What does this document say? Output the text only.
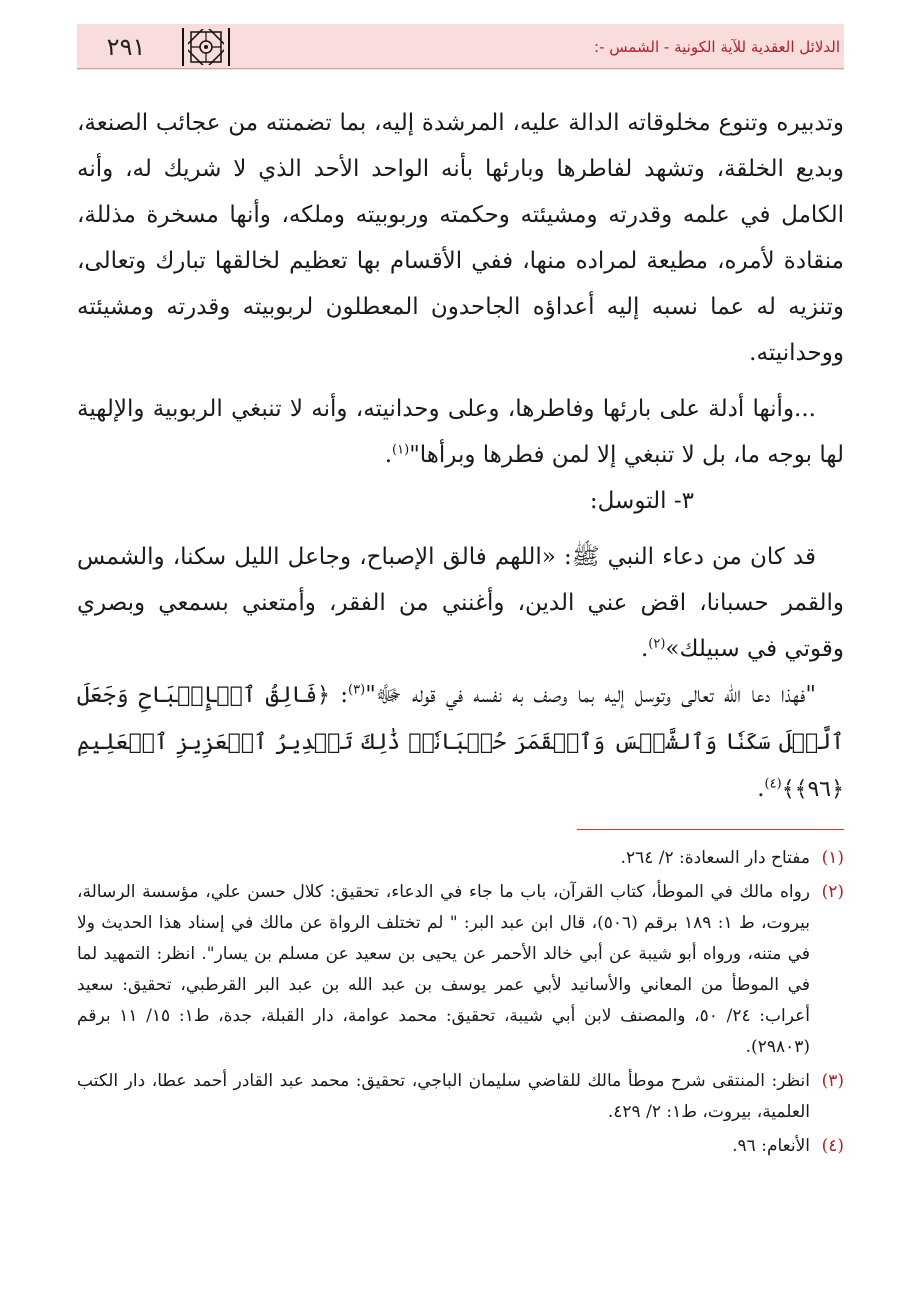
٢٩١	الدلائل العقدية للآية الكونية - الشمس -:

وتدبيره وتنوع مخلوقاته الدالة عليه، المرشدة إليه، بما تضمنته من عجائب الصنعة، وبديع الخلقة، وتشهد لفاطرها وبارئها بأنه الواحد الأحد الذي لا شريك له، وأنه الكامل في علمه وقدرته ومشيئته وحكمته وربوبيته وملكه، وأنها مسخرة مذللة، منقادة لأمره، مطيعة لمراده منها، ففي الأقسام بها تعظيم لخالقها تبارك وتعالى، وتنزيه له عما نسبه إليه أعداؤه الجاحدون المعطلون لربوبيته وقدرته ومشيئته ووحدانيته.

...وأنها أدلة على بارئها وفاطرها، وعلى وحدانيته، وأنه لا تنبغي الربوبية والإلهية لها بوجه ما، بل لا تنبغي إلا لمن فطرها وبرأها"$^{(١)}$.

٣- التوسل:

قد كان من دعاء النبي ﷺ: «اللهم فالق الإصباح، وجاعل الليل سكنا، والشمس والقمر حسبانا، اقض عني الدين، وأغنني من الفقر، وأمتعني بسمعي وبصري وقوتي في سبيلك»$^{(٢)}$.

"فهذا دعا الله تعالى وتوسل إليه بما وصف به نفسه في قوله ﷻ"$^{(٣)}$: ﴿فَالِقُ ٱلۡإِصۡبَاحِ وَجَعَلَ ٱلَّيۡلَ سَكَنٗا وَٱلشَّمۡسَ وَٱلۡقَمَرَ حُسۡبَانٗاۚ ذَٰلِكَ تَقۡدِيرُ ٱلۡعَزِيزِ ٱلۡعَلِيمِ ﴿٩٦﴾﴾$^{(٤)}$.

(١)
مفتاح دار السعادة: ٢/ ٢٦٤.
(٢)
رواه مالك في الموطأ، كتاب القرآن، باب ما جاء في الدعاء، تحقيق: كلال حسن علي، مؤسسة الرسالة، بيروت، ط ١: ١٨٩ برقم (٥٠٦)، قال ابن عبد البر: " لم تختلف الرواة عن مالك في إسناد هذا الحديث ولا في متنه، ورواه أبو شيبة عن أبي خالد الأحمر عن يحيى بن سعيد عن مسلم بن يسار". انظر: التمهيد لما في الموطأ من المعاني والأسانيد لأبي عمر يوسف بن عبد الله بن عبد البر القرطبي، تحقيق: سعيد أعراب: ٢٤/ ٥٠، والمصنف لابن أبي شيبة، تحقيق: محمد عوامة، دار القبلة، جدة، ط١: ١٥/ ١١ برقم (٢٩٨٠٣).
(٣)
انظر: المنتقى شرح موطأ مالك للقاضي سليمان الباجي، تحقيق: محمد عبد القادر أحمد عطا، دار الكتب العلمية، بيروت، ط١: ٢/ ٤٢٩.
(٤)
الأنعام: ٩٦.
